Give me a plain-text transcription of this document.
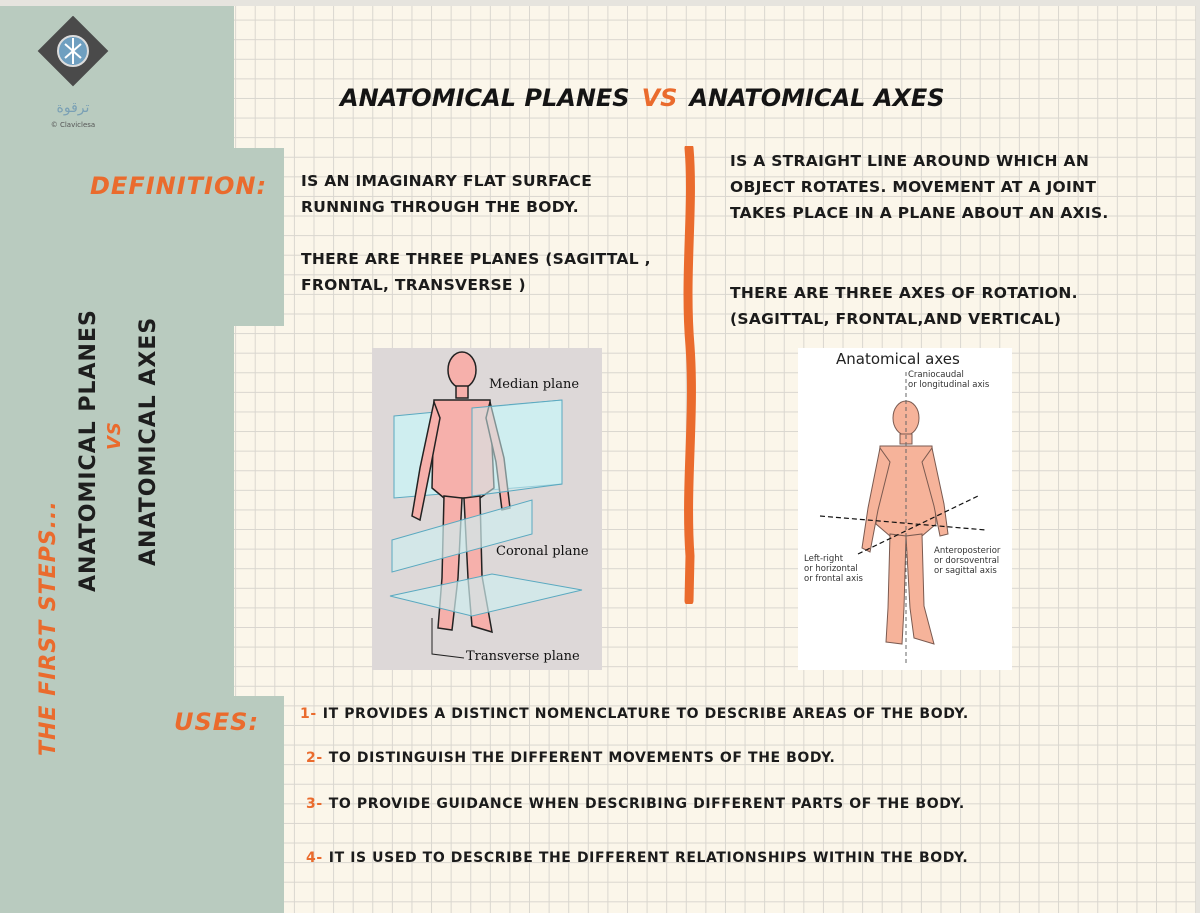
ترقوة
© Claviclesa
THE FIRST STEPS...
ANATOMICAL PLANES VS ANATOMICAL AXES
ANATOMICAL PLANES VS ANATOMICAL AXES
DEFINITION: IS AN IMAGINARY FLAT SURFACE RUNNING THROUGH THE BODY.
THERE ARE THREE PLANES (SAGITTAL , FRONTAL, TRANSVERSE )
IS A STRAIGHT LINE AROUND WHICH AN OBJECT ROTATES. MOVEMENT AT A JOINT TAKES PLACE IN A PLANE ABOUT AN AXIS.
THERE ARE THREE AXES OF ROTATION. (SAGITTAL, FRONTAL,AND VERTICAL)
Median plane
Coronal plane
Transverse plane
Anatomical axes
Craniocaudal
or longitudinal axis
Left-right
or horizontal
or frontal axis
Anteroposterior
or dorsoventral
or sagittal axis
USES:	1- IT PROVIDES A DISTINCT NOMENCLATURE TO DESCRIBE AREAS OF THE BODY.
2- TO DISTINGUISH THE DIFFERENT MOVEMENTS OF THE BODY.
3- TO PROVIDE GUIDANCE WHEN DESCRIBING DIFFERENT PARTS OF THE BODY.
4- IT IS USED TO DESCRIBE THE DIFFERENT RELATIONSHIPS WITHIN THE BODY.
